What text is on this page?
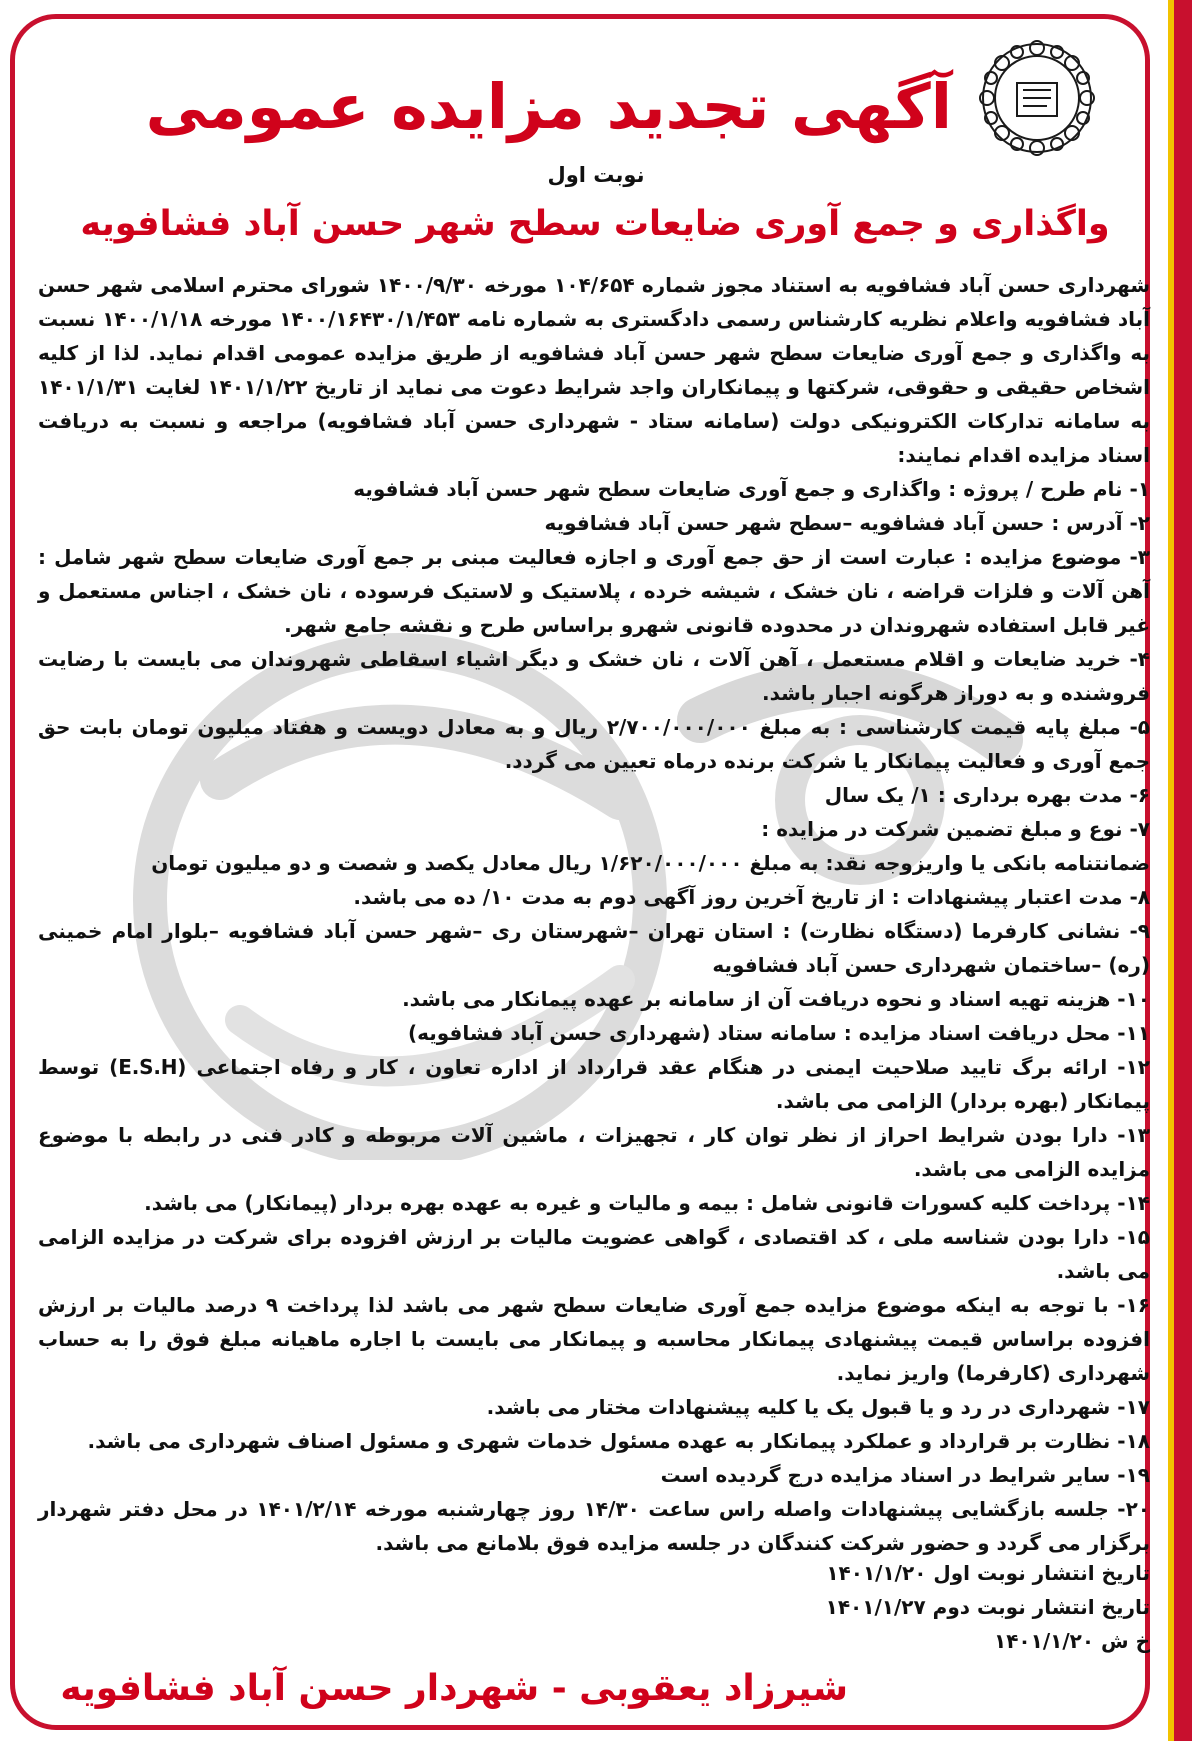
آگهی تجدید مزایده عمومی
نوبت اول
واگذاری و جمع آوری ضایعات سطح شهر حسن آباد فشافویه

شهرداری حسن آباد فشافویه به استناد مجوز شماره ۱۰۴/۶۵۴ مورخه ۱۴۰۰/۹/۳۰ شورای محترم اسلامی شهر حسن آباد فشافویه واعلام نظریه کارشناس رسمی دادگستری به شماره نامه ۱۴۰۰/۱۶۴۳۰/۱/۴۵۳ مورخه ۱۴۰۰/۱/۱۸ نسبت به واگذاری و جمع آوری ضایعات سطح شهر حسن آباد فشافویه از طریق مزایده عمومی اقدام نماید. لذا از کلیه اشخاص حقیقی و حقوقی، شرکتها و پیمانکاران واجد شرایط دعوت می نماید از تاریخ ۱۴۰۱/۱/۲۲ لغایت ۱۴۰۱/۱/۳۱ به سامانه تدارکات الکترونیکی دولت (سامانه ستاد - شهرداری حسن آباد فشافویه) مراجعه و نسبت به دریافت اسناد مزایده اقدام نمایند:

۱- نام طرح / پروژه : واگذاری و جمع آوری ضایعات سطح شهر حسن آباد فشافویه

۲- آدرس : حسن آباد فشافویه –سطح شهر حسن آباد فشافویه

۳- موضوع مزایده : عبارت است از حق جمع آوری و اجازه فعالیت مبنی بر جمع آوری ضایعات سطح شهر شامل : آهن آلات و فلزات قراضه ، نان خشک ، شیشه خرده ، پلاستیک و لاستیک فرسوده ، نان خشک ، اجناس مستعمل و غیر قابل استفاده شهروندان در محدوده قانونی شهرو براساس طرح و نقشه جامع شهر.

۴- خرید ضایعات و اقلام مستعمل ، آهن آلات ، نان خشک و دیگر اشیاء اسقاطی شهروندان می بایست با رضایت فروشنده و به دوراز هرگونه اجبار باشد.

۵- مبلغ پایه قیمت کارشناسی : به مبلغ ۲/۷۰۰/۰۰۰/۰۰۰ ریال و به معادل دویست و هفتاد میلیون تومان بابت حق جمع آوری و فعالیت پیمانکار یا شرکت برنده درماه تعیین می گردد.

۶- مدت بهره برداری : ۱/ یک سال

۷- نوع و مبلغ تضمین شرکت در مزایده :

ضمانتنامه بانکی یا واریزوجه نقد: به مبلغ ۱/۶۲۰/۰۰۰/۰۰۰ ریال معادل یکصد و شصت و دو میلیون تومان

۸- مدت اعتبار پیشنهادات : از تاریخ آخرین روز آگهی دوم به مدت ۱۰/ ده می باشد.

۹- نشانی کارفرما (دستگاه نظارت) : استان تهران –شهرستان ری –شهر حسن آباد فشافویه –بلوار امام خمینی (ره) –ساختمان شهرداری حسن آباد فشافویه

۱۰- هزینه تهیه اسناد و نحوه دریافت آن از سامانه بر عهده پیمانکار می باشد.

۱۱- محل دریافت اسناد مزایده : سامانه ستاد (شهرداری حسن آباد فشافویه)

۱۲- ارائه برگ تایید صلاحیت ایمنی در هنگام عقد قرارداد از اداره تعاون ، کار و رفاه اجتماعی (E.S.H) توسط پیمانکار (بهره بردار) الزامی می باشد.

۱۳- دارا بودن شرایط احراز از نظر توان کار ، تجهیزات ، ماشین آلات مربوطه و کادر فنی در رابطه با موضوع مزایده الزامی می باشد.

۱۴- پرداخت کلیه کسورات قانونی شامل : بیمه و مالیات و غیره به عهده بهره بردار (پیمانکار) می باشد.

۱۵- دارا بودن شناسه ملی ، کد اقتصادی ، گواهی عضویت مالیات بر ارزش افزوده برای شرکت در مزایده الزامی می باشد.

۱۶- با توجه به اینکه موضوع مزایده جمع آوری ضایعات سطح شهر می باشد لذا پرداخت ۹ درصد مالیات بر ارزش افزوده براساس قیمت پیشنهادی پیمانکار محاسبه و پیمانکار می بایست با اجاره ماهیانه مبلغ فوق را به حساب شهرداری (کارفرما) واریز نماید.

۱۷- شهرداری در رد و یا قبول یک یا کلیه پیشنهادات مختار می باشد.

۱۸- نظارت بر قرارداد و عملکرد پیمانکار به عهده مسئول خدمات شهری و مسئول اصناف شهرداری می باشد.

۱۹- سایر شرایط در اسناد مزایده درج گردیده است

۲۰- جلسه بازگشایی پیشنهادات واصله راس ساعت ۱۴/۳۰ روز چهارشنبه مورخه ۱۴۰۱/۲/۱۴ در محل دفتر شهردار برگزار می گردد و حضور شرکت کنندگان در جلسه مزایده فوق بلامانع می باشد.

تاریخ انتشار نوبت اول ۱۴۰۱/۱/۲۰
تاریخ انتشار نوبت دوم ۱۴۰۱/۱/۲۷
خ ش ۱۴۰۱/۱/۲۰
شیرزاد یعقوبی - شهردار حسن آباد فشافویه
